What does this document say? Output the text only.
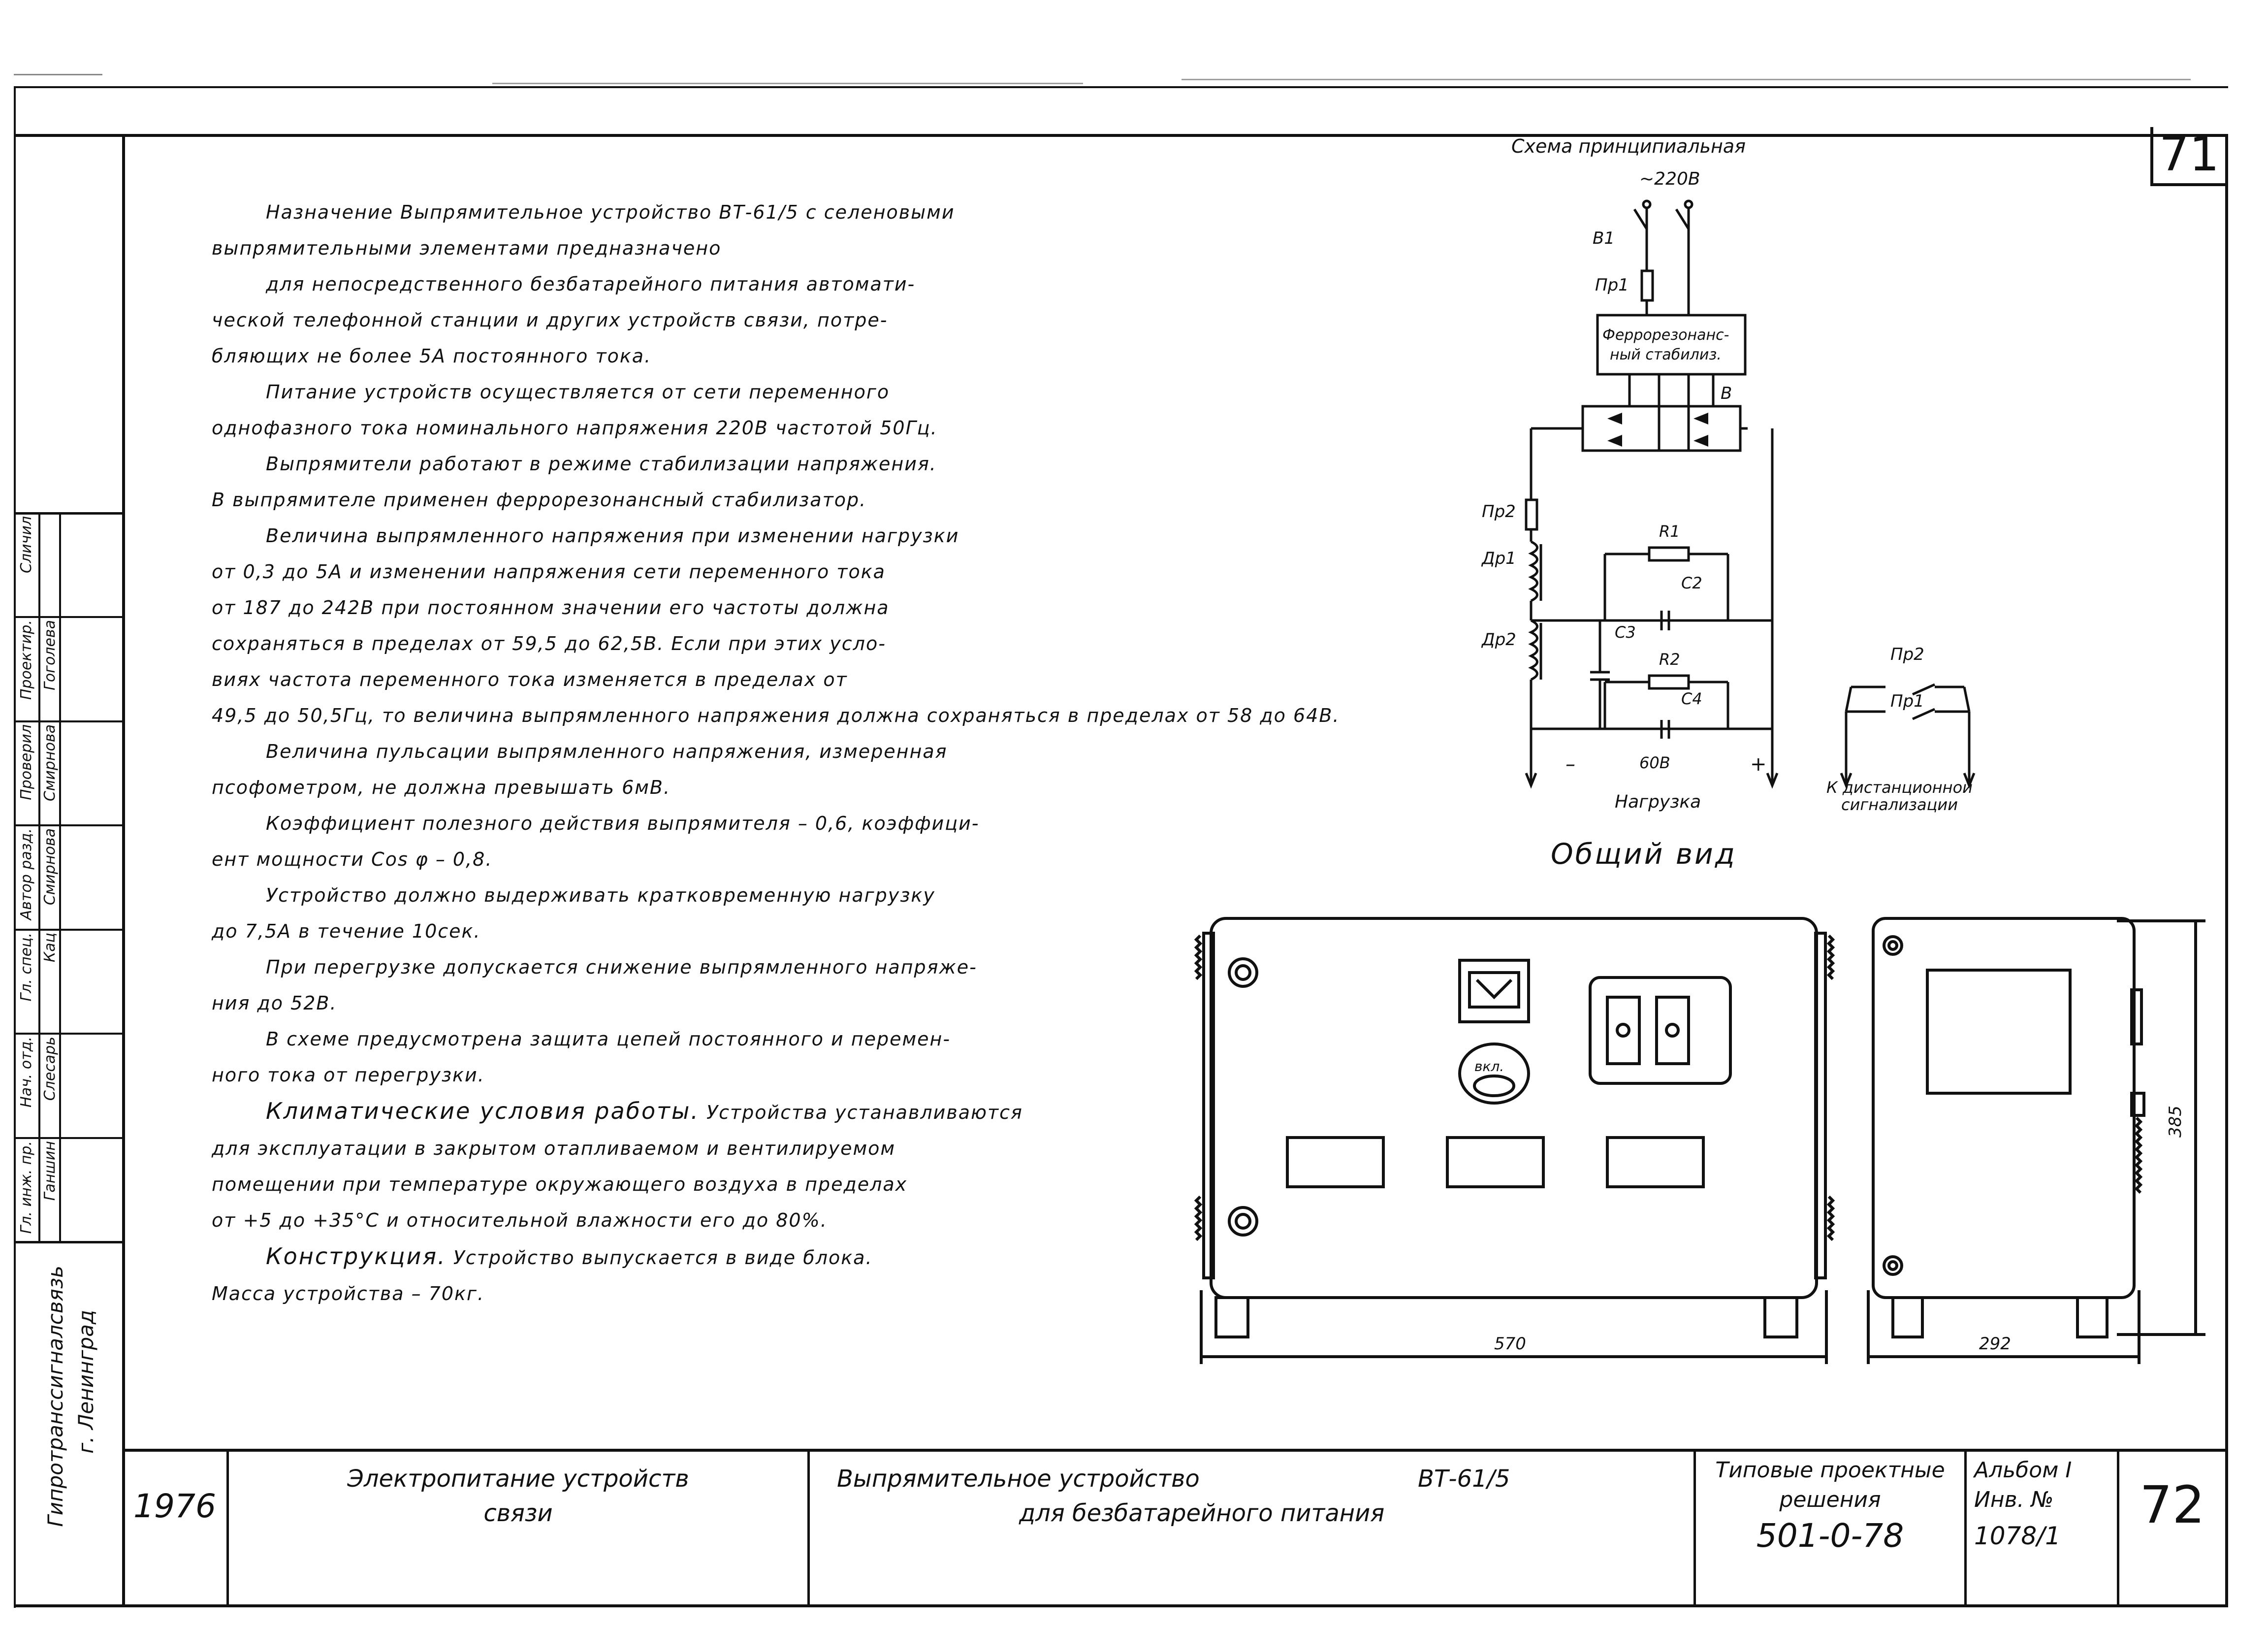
71

Назначение Выпрямительное устройство ВТ-61/5 с селеновыми

выпрямительными элементами предназначено

для непосредственного безбатарейного питания автомати-

ческой телефонной станции и других устройств связи, потре-

бляющих не более 5А постоянного тока.

Питание устройств осуществляется от сети переменного

однофазного тока номинального напряжения 220В частотой 50Гц.

Выпрямители работают в режиме стабилизации напряжения.

В выпрямителе применен феррорезонансный стабилизатор.

Величина выпрямленного напряжения при изменении нагрузки

от 0,3 до 5А и изменении напряжения сети переменного тока

от 187 до 242В при постоянном значении его частоты должна

сохраняться в пределах от 59,5 до 62,5В. Если при этих усло-

виях частота переменного тока изменяется в пределах от

49,5 до 50,5Гц, то величина выпрямленного напряжения должна сохраняться в пределах от 58 до 64В.

Величина пульсации выпрямленного напряжения, измеренная

псофометром, не должна превышать 6мВ.

Коэффициент полезного действия выпрямителя – 0,6, коэффици-

ент мощности Cos φ – 0,8.

Устройство должно выдерживать кратковременную нагрузку

до 7,5А в течение 10сек.

При перегрузке допускается снижение выпрямленного напряже-

ния до 52В.

В схеме предусмотрена защита цепей постоянного и перемен-

ного тока от перегрузки.

Климатические условия работы. Устройства устанавливаются

для эксплуатации в закрытом отапливаемом и вентилируемом

помещении при температуре окружающего воздуха в пределах

от +5 до +35°С и относительной влажности его до 80%.

Конструкция. Устройство выпускается в виде блока.

Масса устройства – 70кг.

Схема принципиальная
~220В
В1
Пр1
Феррорезонанс-
ный стабилиз.
В
Пр2
Др1
Др2
R1
С2
С3
R2
С4
–	+
60В
Нагрузка
Пр2
Пр1
К дистанционной
сигнализации
Общий вид
вкл.
570	292
385
Гл. инж. пр. Ганшин
Нач. отд. Слесарь
Гл. спец. Кац
Автор разд. Смирнова
Проверил Смирнова
Проектир. Гоголева
Сличил
Гипротранссигналсвязь г. Ленинград
1976
Электропитание устройств
связи
Выпрямительное устройство	ВТ-61/5
для безбатарейного питания
Типовые проектные
решения
501-0-78
Альбом I
Инв. №
1078/1
72
